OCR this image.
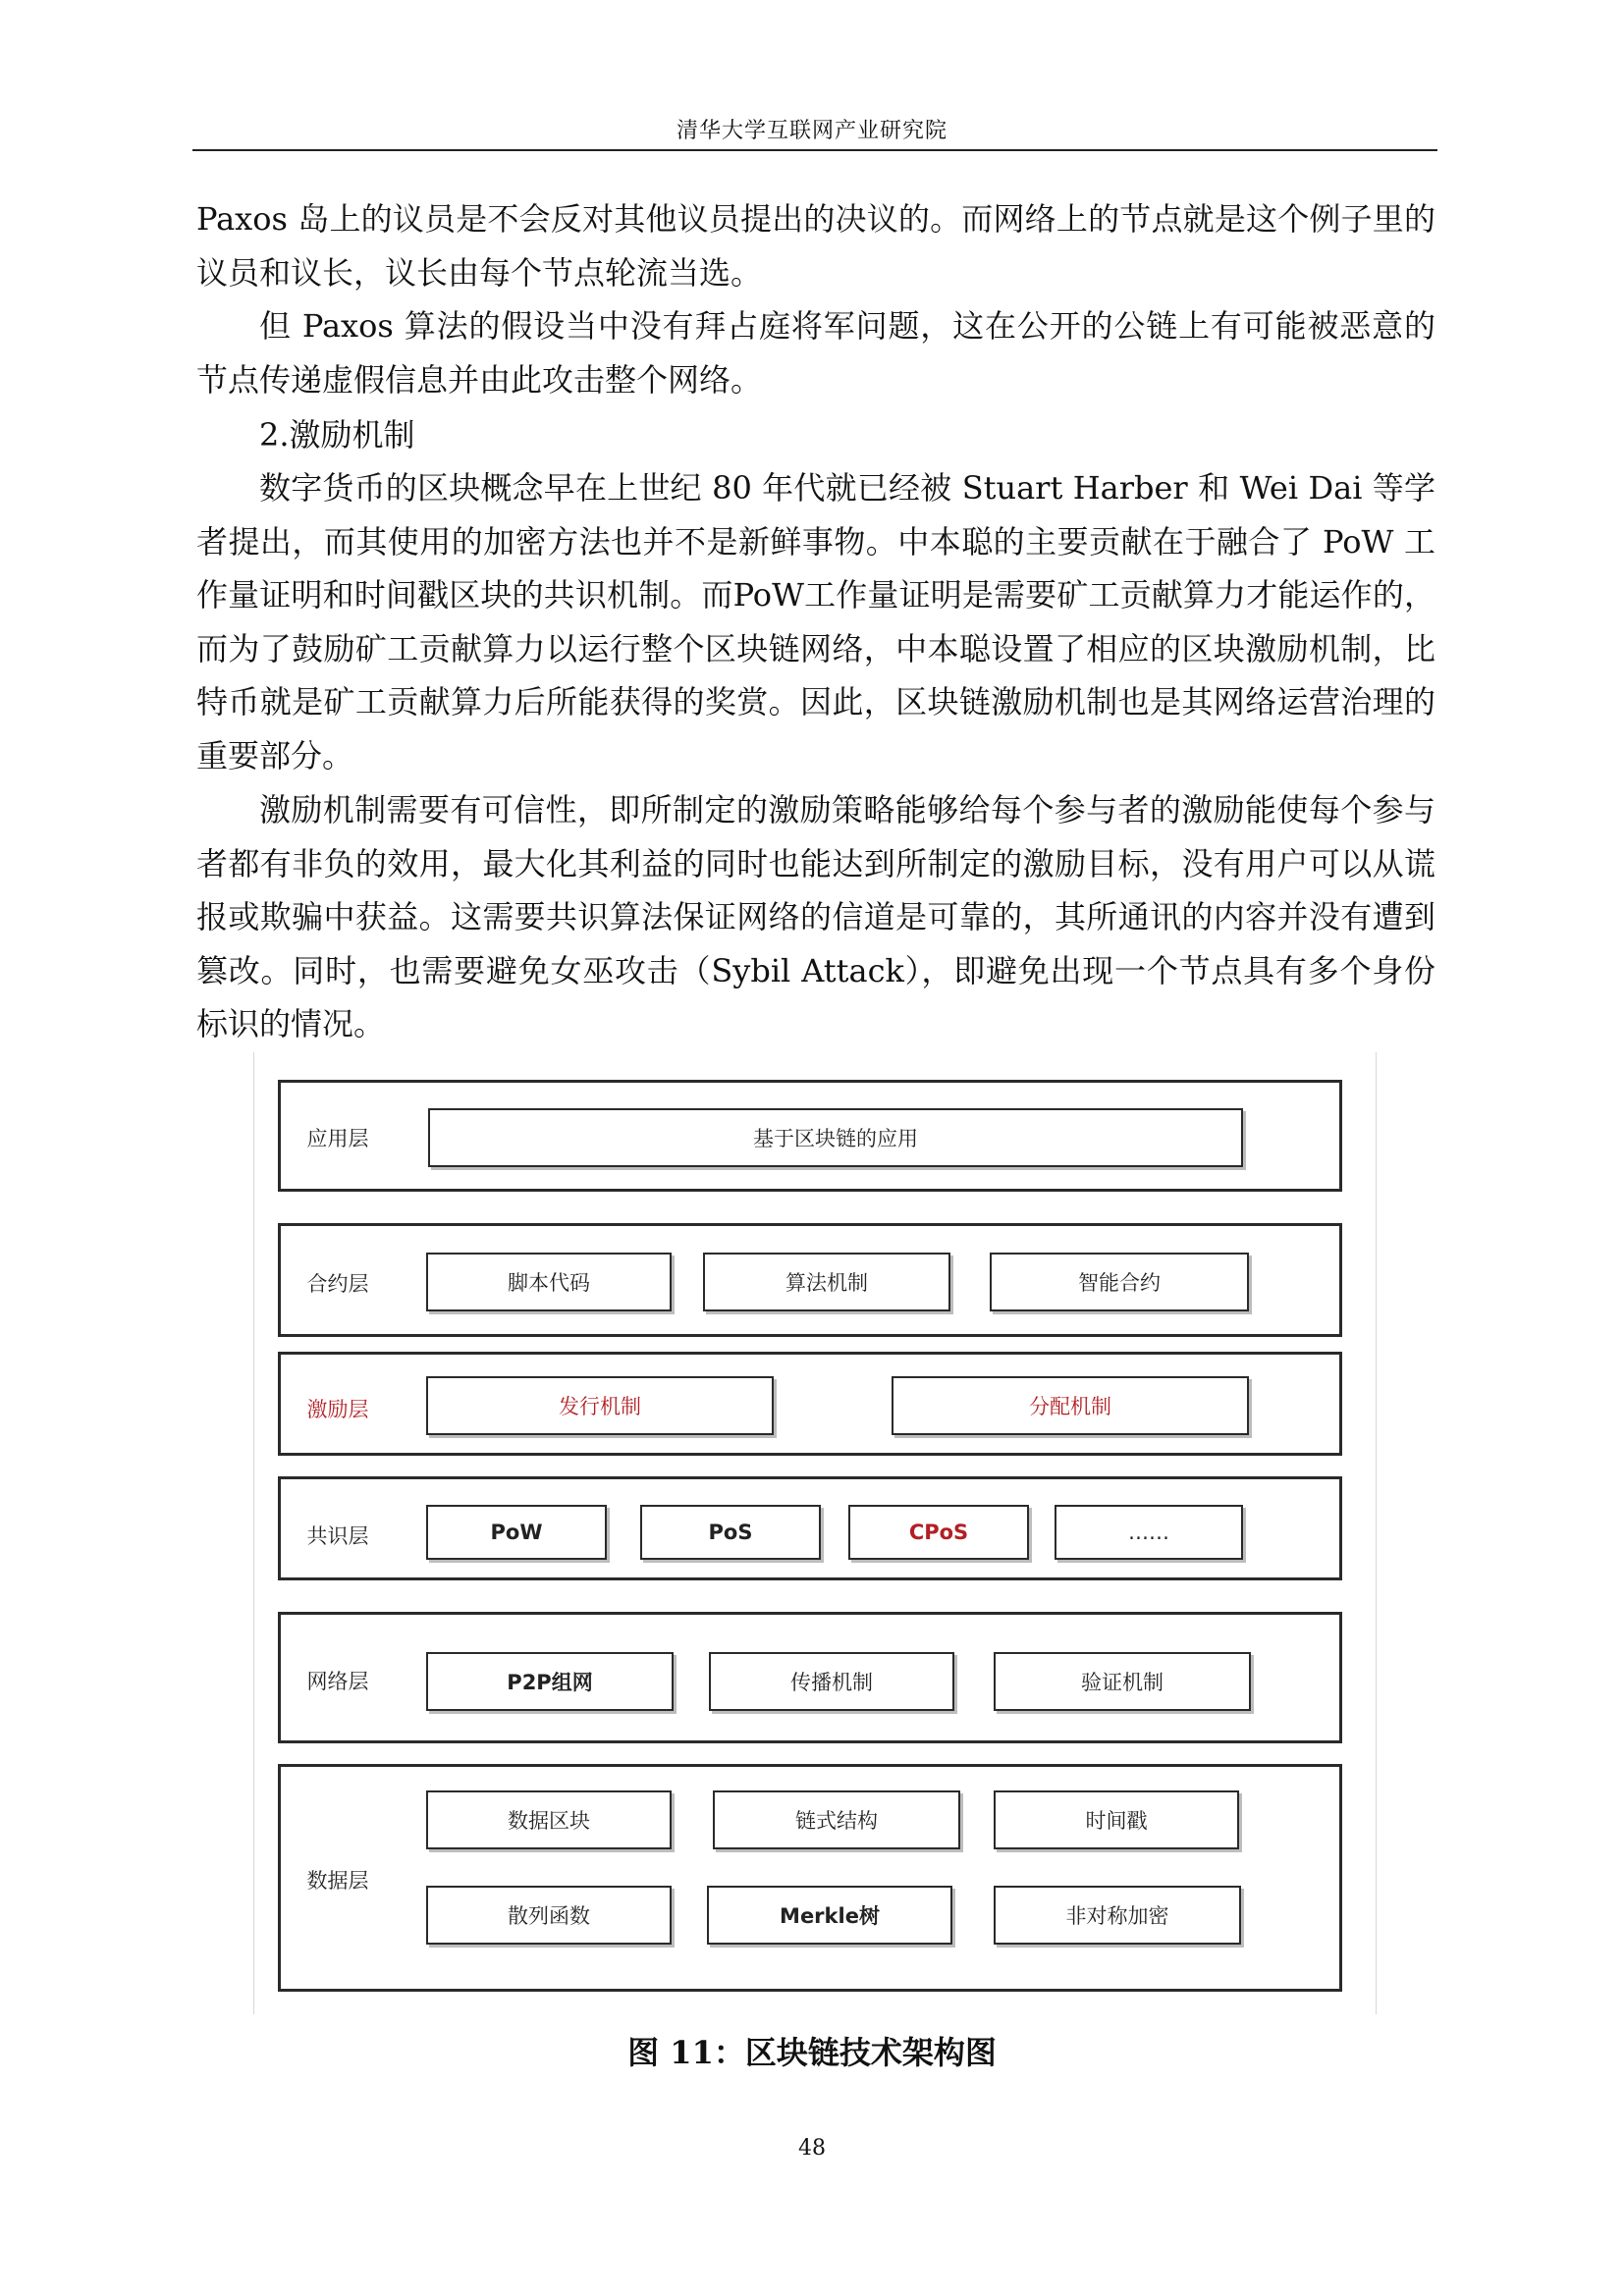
清华大学互联网产业研究院

Paxos 岛上的议员是不会反对其他议员提出的决议的。而网络上的节点就是这个例子里的议员和议长，议长由每个节点轮流当选。

但 Paxos 算法的假设当中没有拜占庭将军问题，这在公开的公链上有可能被恶意的节点传递虚假信息并由此攻击整个网络。

2.激励机制

数字货币的区块概念早在上世纪 80 年代就已经被 Stuart Harber 和 Wei Dai 等学者提出，而其使用的加密方法也并不是新鲜事物。中本聪的主要贡献在于融合了 PoW 工作量证明和时间戳区块的共识机制。而PoW工作量证明是需要矿工贡献算力才能运作的，而为了鼓励矿工贡献算力以运行整个区块链网络，中本聪设置了相应的区块激励机制，比特币就是矿工贡献算力后所能获得的奖赏。因此，区块链激励机制也是其网络运营治理的重要部分。

激励机制需要有可信性，即所制定的激励策略能够给每个参与者的激励能使每个参与者都有非负的效用，最大化其利益的同时也能达到所制定的激励目标，没有用户可以从谎报或欺骗中获益。这需要共识算法保证网络的信道是可靠的，其所通讯的内容并没有遭到篡改。同时，也需要避免女巫攻击（Sybil Attack），即避免出现一个节点具有多个身份标识的情况。

应用层	基于区块链的应用
合约层	脚本代码	算法机制	智能合约
激励层	发行机制	分配机制
共识层	PoW	PoS	CPoS	……
网络层	P2P组网	传播机制	验证机制
数据层
数据区块	链式结构	时间戳
散列函数	Merkle树	非对称加密
图 11：区块链技术架构图
48
